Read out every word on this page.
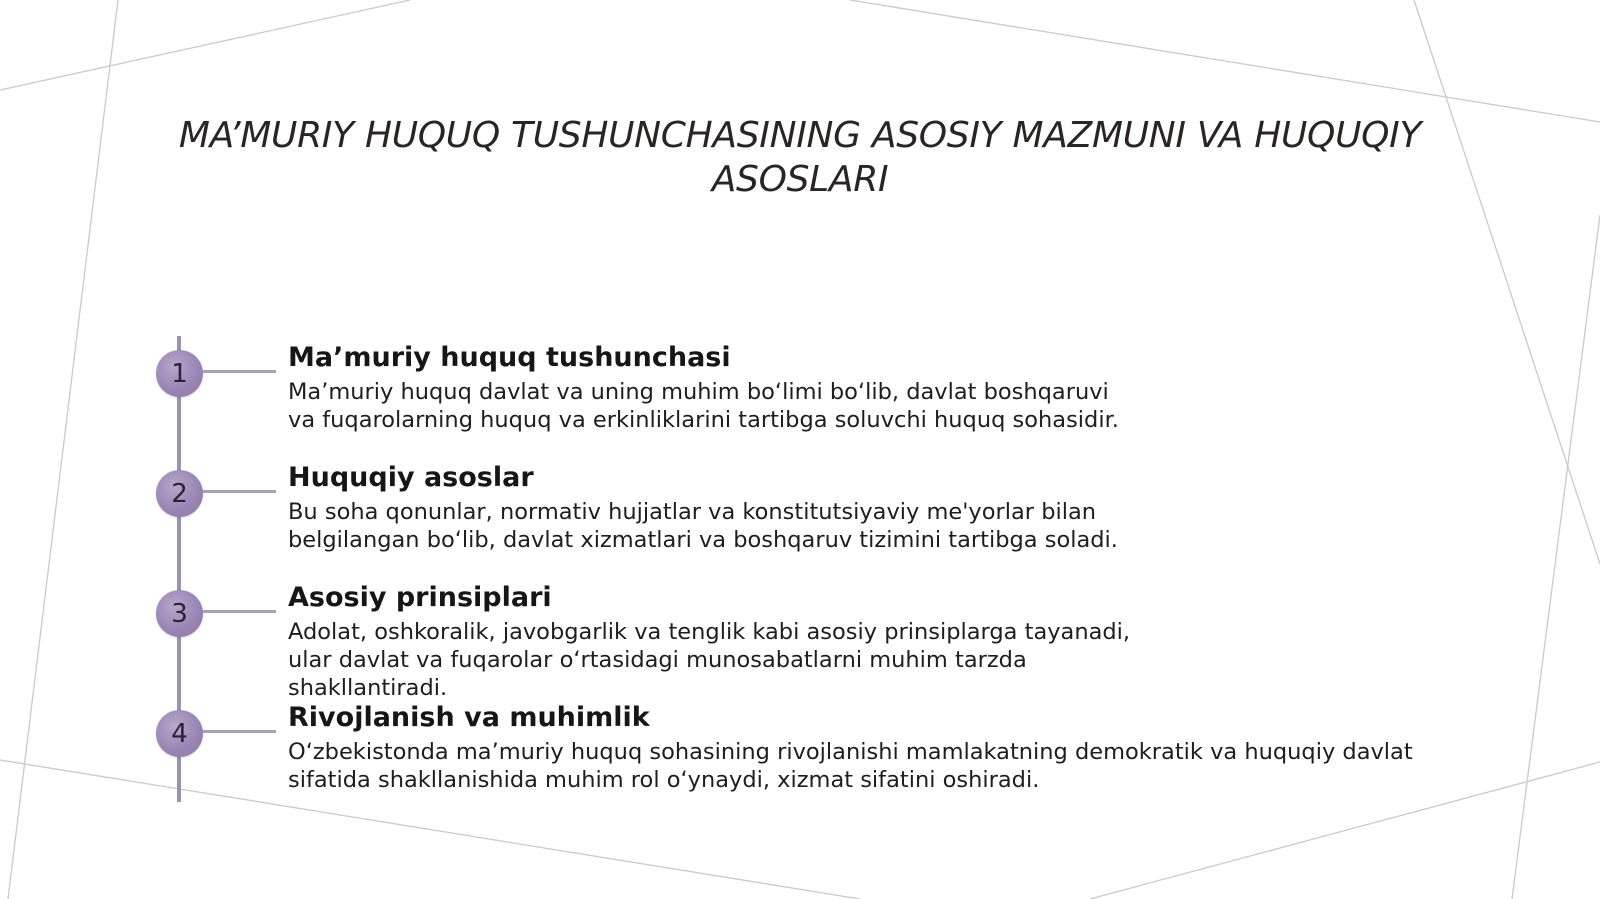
MA’MURIY HUQUQ TUSHUNCHASINING ASOSIY MAZMUNI VA HUQUQIY ASOSLARI
1
Ma’muriy huquq tushunchasi
Ma’muriy huquq davlat va uning muhim bo‘limi bo‘lib, davlat boshqaruvi
va fuqarolarning huquq va erkinliklarini tartibga soluvchi huquq sohasidir.
2
Huquqiy asoslar
Bu soha qonunlar, normativ hujjatlar va konstitutsiyaviy me'yorlar bilan
belgilangan bo‘lib, davlat xizmatlari va boshqaruv tizimini tartibga soladi.
3
Asosiy prinsiplari
Adolat, oshkoralik, javobgarlik va tenglik kabi asosiy prinsiplarga tayanadi,
ular davlat va fuqarolar o‘rtasidagi munosabatlarni muhim tarzda
shakllantiradi.
4
Rivojlanish va muhimlik
O‘zbekistonda ma’muriy huquq sohasining rivojlanishi mamlakatning demokratik va huquqiy davlat
sifatida shakllanishida muhim rol o‘ynaydi, xizmat sifatini oshiradi.
